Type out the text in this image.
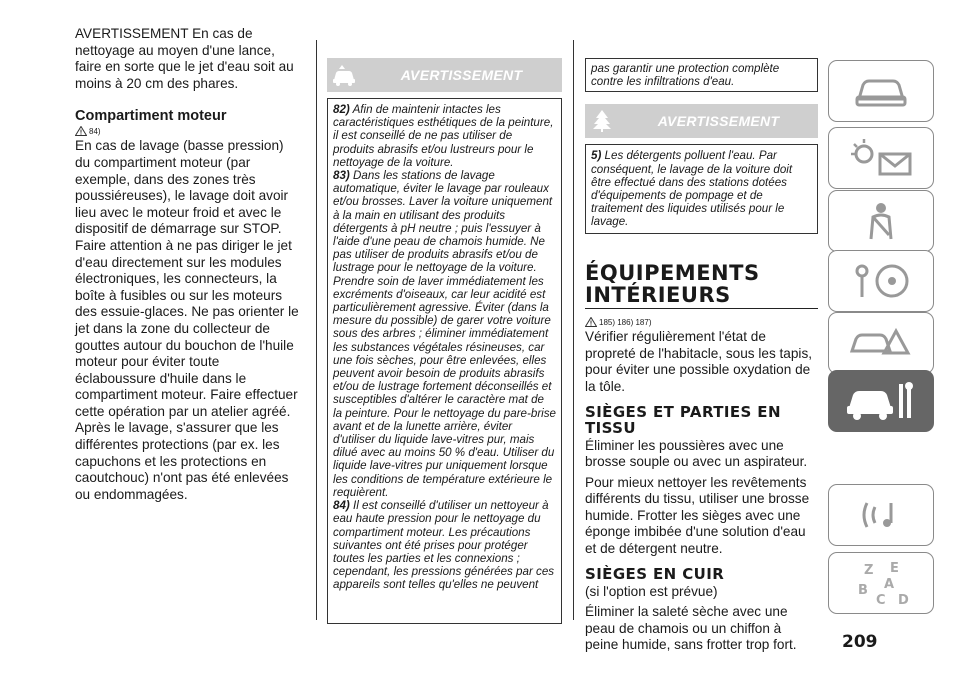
AVERTISSEMENT En cas de nettoyage au moyen d'une lance, faire en sorte que le jet d'eau soit au moins à 20 cm des phares.

Compartiment moteur
84)

En cas de lavage (basse pression) du compartiment moteur (par exemple, dans des zones très poussiéreuses), le lavage doit avoir lieu avec le moteur froid et avec le dispositif de démarrage sur STOP. Faire attention à ne pas diriger le jet d'eau directement sur les modules électroniques, les connecteurs, la boîte à fusibles ou sur les moteurs des essuie-glaces. Ne pas orienter le jet dans la zone du collecteur de gouttes autour du bouchon de l'huile moteur pour éviter toute éclaboussure d'huile dans le compartiment moteur. Faire effectuer cette opération par un atelier agréé. Après le lavage, s'assurer que les différentes protections (par ex. les capuchons et les protections en caoutchouc) n'ont pas été enlevées ou endommagées.

AVERTISSEMENT

82) Afin de maintenir intactes les caractéristiques esthétiques de la peinture, il est conseillé de ne pas utiliser de produits abrasifs et/ou lustreurs pour le nettoyage de la voiture.

83) Dans les stations de lavage automatique, éviter le lavage par rouleaux et/ou brosses. Laver la voiture uniquement à la main en utilisant des produits détergents à pH neutre ; puis l'essuyer à l'aide d'une peau de chamois humide. Ne pas utiliser de produits abrasifs et/ou de lustrage pour le nettoyage de la voiture. Prendre soin de laver immédiatement les excréments d'oiseaux, car leur acidité est particulièrement agressive. Éviter (dans la mesure du possible) de garer votre voiture sous des arbres ; éliminer immédiatement les substances végétales résineuses, car une fois sèches, pour être enlevées, elles peuvent avoir besoin de produits abrasifs et/ou de lustrage fortement déconseillés et susceptibles d'altérer le caractère mat de la peinture. Pour le nettoyage du pare-brise avant et de la lunette arrière, éviter d'utiliser du liquide lave-vitres pur, mais dilué avec au moins 50 % d'eau. Utiliser du liquide lave-vitres pur uniquement lorsque les conditions de température extérieure le requièrent.

84) Il est conseillé d'utiliser un nettoyeur à eau haute pression pour le nettoyage du compartiment moteur. Les précautions suivantes ont été prises pour protéger toutes les parties et les connexions ; cependant, les pressions générées par ces appareils sont telles qu'elles ne peuvent

pas garantir une protection complète contre les infiltrations d'eau.

AVERTISSEMENT

5) Les détergents polluent l'eau. Par conséquent, le lavage de la voiture doit être effectué dans des stations dotées d'équipements de pompage et de traitement des liquides utilisés pour le lavage.

ÉQUIPEMENTS INTÉRIEURS
185) 186) 187)

Vérifier régulièrement l'état de propreté de l'habitacle, sous les tapis, pour éviter une possible oxydation de la tôle.

SIÈGES ET PARTIES EN TISSU

Éliminer les poussières avec une brosse souple ou avec un aspirateur.

Pour mieux nettoyer les revêtements différents du tissu, utiliser une brosse humide. Frotter les sièges avec une éponge imbibée d'une solution d'eau et de détergent neutre.

SIÈGES EN CUIR

(si l'option est prévue)

Éliminer la saleté sèche avec une peau de chamois ou un chiffon à peine humide, sans frotter trop fort.

Z E
A
B
C D
209
